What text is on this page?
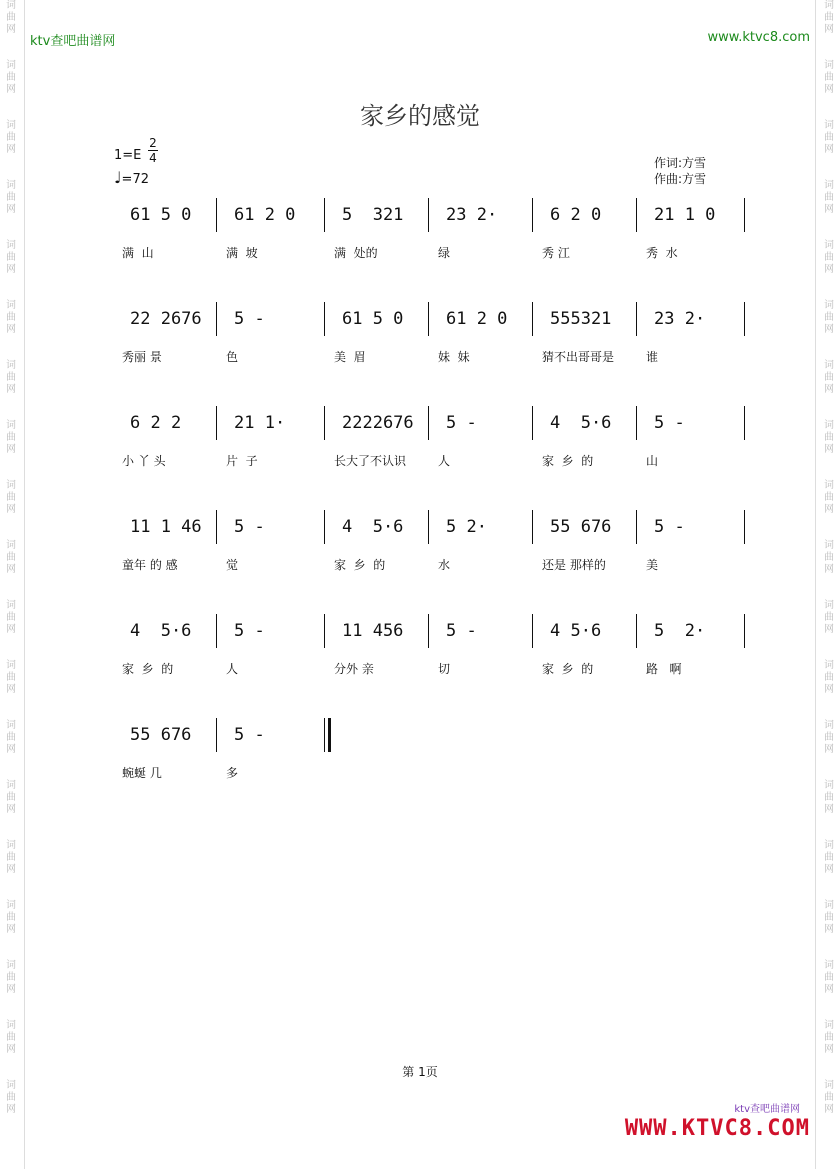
词曲网
词曲网
词曲网
词曲网
词曲网
词曲网
词曲网
词曲网
词曲网
词曲网
词曲网
词曲网
词曲网
词曲网
词曲网
词曲网
词曲网
词曲网
词曲网
词曲网
词曲网
词曲网
词曲网
词曲网
词曲网
词曲网
词曲网
词曲网
词曲网
词曲网
词曲网
词曲网
词曲网
词曲网
词曲网
词曲网
词曲网
词曲网
ktv查吧曲谱网	www.ktvc8.com
家乡的感觉
1=E
2
4
♩=72
作词:方雪
作曲:方雪
61 5 0
满  山
61 2 0
满  坡
5  321
满  处的
23 2·
绿
6 2 0
秀 江
21 1 0
秀  水
22 2676
秀丽 景
5 -
色
61 5 0
美  眉
61 2 0
妹  妹
555321
猜不出哥哥是
23 2·
谁
6 2 2
小 丫 头
21 1·
片  子
2222676
长大了不认识
5 -
人
4  5·6
家  乡  的
5 -
山
11 1 46
童年 的 感
5 -
觉
4  5·6
家  乡  的
5 2·
水
55 676
还是 那样的
5 -
美
4  5·6
家  乡  的
5 -
人
11 456
分外 亲
5 -
切
4 5·6
家  乡  的
5  2·
路   啊
55 676
蜿蜒 几
5 -
多
第 1页
ktv查吧曲谱网
WWW.KTVC8.COM
